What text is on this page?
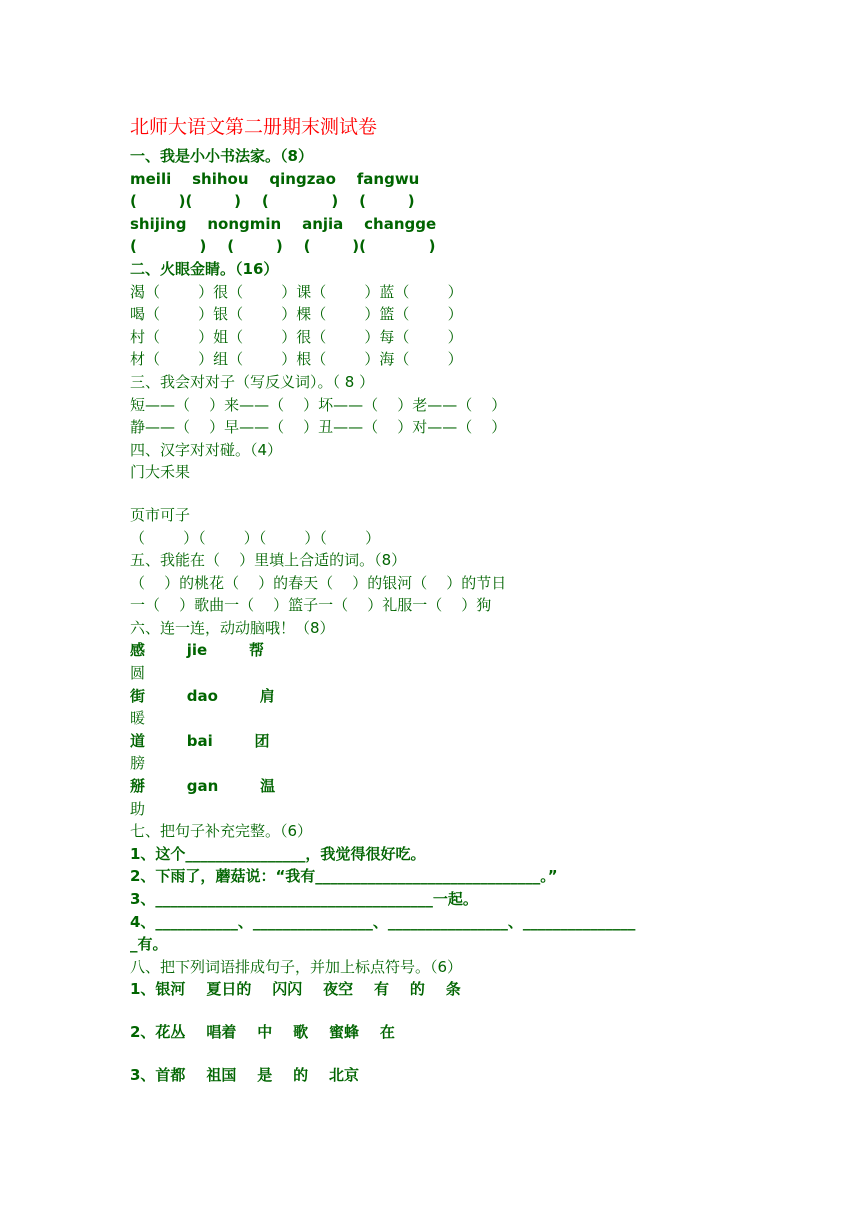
北师大语文第二册期末测试卷
一、我是小小书法家。（8）
meili    shihou    qingzao    fangwu
(        )(        )    (            )    (        )
shijing    nongmin    anjia    changge
(            )    (        )    (        )(            )
二、火眼金睛。（16）
渴（        ）很（        ）课（        ）蓝（        ）
喝（        ）银（        ）棵（        ）篮（        ）
村（        ）姐（        ）很（        ）每（        ）
材（        ）组（        ）根（        ）海（        ）
三、我会对对子（写反义词）。（ 8 ）
短——（    ）来——（    ）坏——（    ）老——（    ）
静——（    ）早——（    ）丑——（    ）对——（    ）
四、汉字对对碰。（4）
门大禾果
页市可子
（        ）（        ）（        ）（        ）
五、我能在（    ）里填上合适的词。（8）
（    ）的桃花（    ）的春天（    ）的银河（    ）的节日
一（    ）歌曲一（    ）篮子一（    ）礼服一（    ）狗
六、连一连，动动脑哦！（8）
感        jie        帮
圆
街        dao        肩
暖
道        bai        团
膀
掰        gan        温
助
七、把句子补充完整。（6）
1、这个________________，我觉得很好吃。
2、下雨了，蘑菇说：“我有______________________________。”
3、_____________________________________一起。
4、___________、________________、________________、_______________
_有。
八、把下列词语排成句子，并加上标点符号。（6）
1、银河    夏日的    闪闪    夜空    有    的    条
2、花丛    唱着    中    歌    蜜蜂    在
3、首都    祖国    是    的    北京
